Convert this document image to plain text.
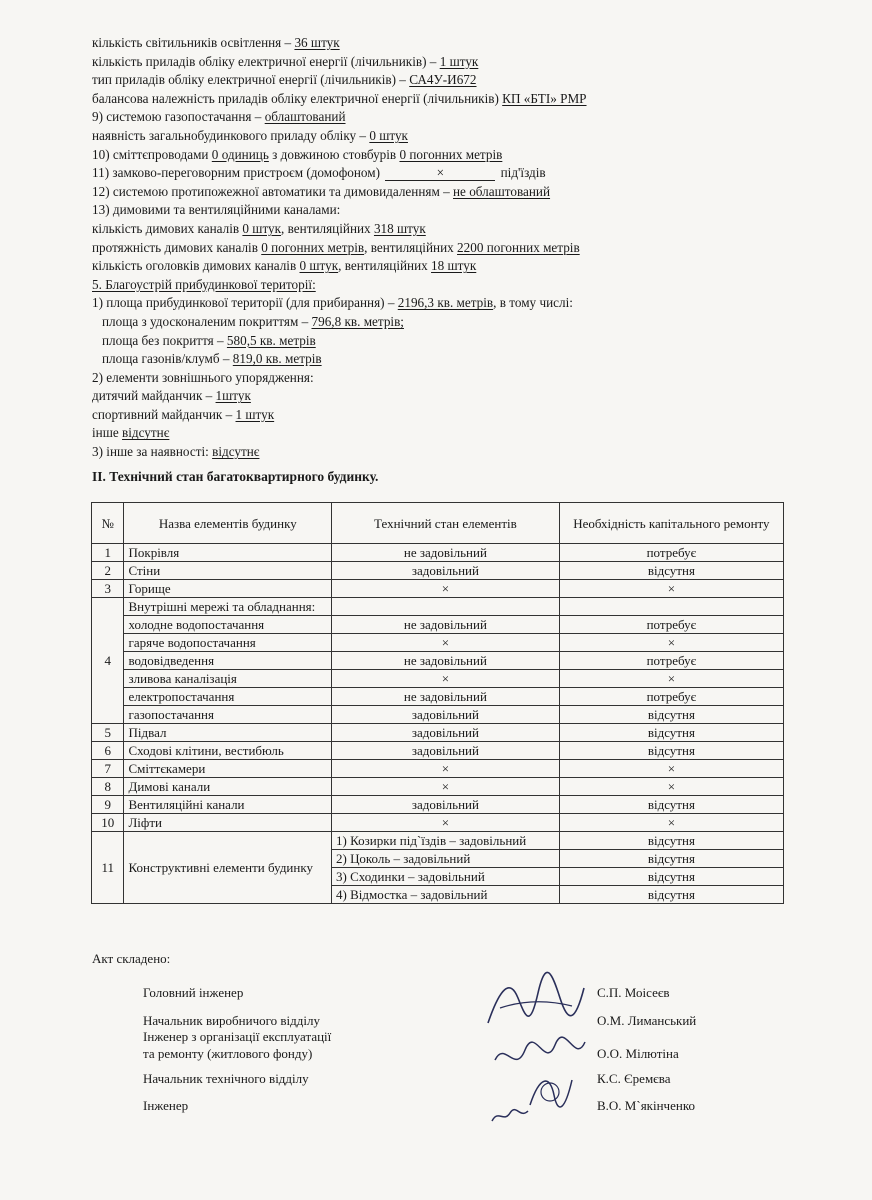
кількість світильників освітлення – 36 штук
кількість приладів обліку електричної енергії (лічильників) – 1 штук
тип приладів обліку електричної енергії (лічильників) – СА4У-И672
балансова належність приладів обліку електричної енергії (лічильників) КП «БТІ» РМР
9) системою газопостачання – облаштований
наявність загальнобудинкового приладу обліку – 0 штук
10) сміттєпроводами 0 одиниць з довжиною стовбурів 0 погонних метрів
11) замково-переговорним пристроєм (домофоном)	×	під'їздів
12) системою протипожежної автоматики та димовидаленням – не облаштований
13) димовими та вентиляційними каналами:
кількість димових каналів 0 штук, вентиляційних 318 штук
протяжність димових каналів 0 погонних метрів, вентиляційних 2200 погонних метрів
кількість оголовків димових каналів 0 штук, вентиляційних 18 штук
5. Благоустрій прибудинкової території:
1) площа прибудинкової території (для прибирання) – 2196,3 кв. метрів, в тому числі:
площа з удосконаленим покриттям – 796,8 кв. метрів;
площа без покриття – 580,5 кв. метрів
площа газонів/клумб – 819,0 кв. метрів
2) елементи зовнішнього упорядження:
дитячий майданчик – 1штук
спортивний майданчик – 1 штук
інше відсутнє
3) інше за наявності: відсутнє
ІІ. Технічний стан багатоквартирного будинку.
№	Назва елементів будинку	Технічний стан елементів	Необхідність капітального ремонту
1	Покрівля	не задовільний	потребує
2	Стіни	задовільний	відсутня
3	Горище	×	×
4	Внутрішні мережі та обладнання:		
	холодне водопостачання	не задовільний	потребує
	гаряче водопостачання	×	×
	водовідведення	не задовільний	потребує
	зливова каналізація	×	×
	електропостачання	не задовільний	потребує
	газопостачання	задовільний	відсутня
5	Підвал	задовільний	відсутня
6	Сходові клітини, вестибюль	задовільний	відсутня
7	Сміттєкамери	×	×
8	Димові канали	×	×
9	Вентиляційні канали	задовільний	відсутня
10	Ліфти	×	×
11	Конструктивні елементи будинку	1) Козирки під`їздів – задовільний	відсутня
		2) Цоколь – задовільний	відсутня
		3) Сходинки – задовільний	відсутня
		4) Відмостка – задовільний	відсутня
Акт складено:
Головний інженер	С.П. Моісеєв
Начальник виробничого відділу	О.М. Лиманський
Інженер з організації експлуатації
та ремонту (житлового фонду)	О.О. Мілютіна
Начальник технічного відділу	К.С. Єремєва
Інженер	В.О. М`якінченко
